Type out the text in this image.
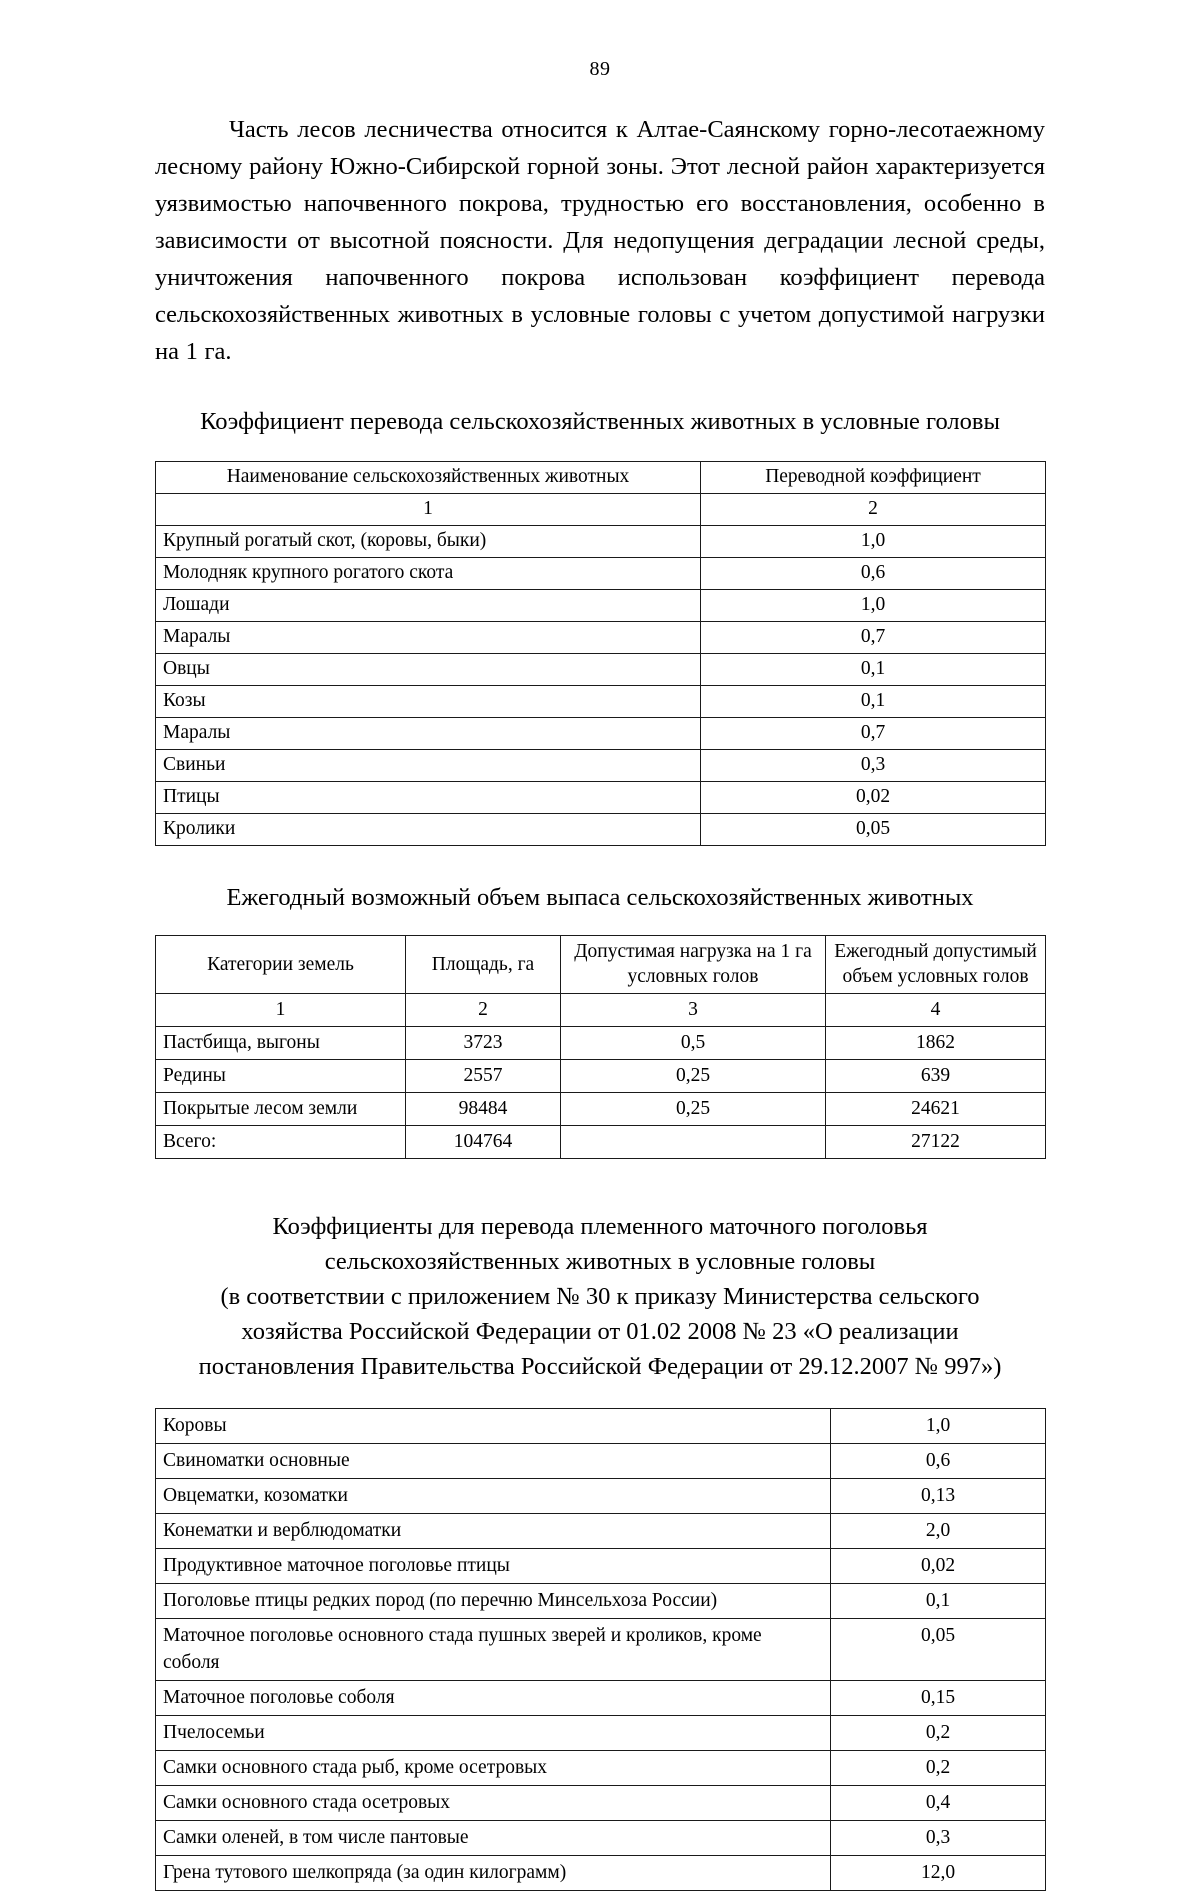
89

Часть лесов лесничества относится к Алтае-Саянскому горно-лесотаежному лесному району Южно-Сибирской горной зоны. Этот лесной район характеризуется уязвимостью напочвенного покрова, трудностью его восстановления, особенно в зависимости от высотной поясности. Для недопущения деградации лесной среды, уничтожения напочвенного покрова использован коэффициент перевода сельскохозяйственных животных в условные головы с учетом допустимой нагрузки на 1 га.

Коэффициент перевода сельскохозяйственных животных в условные головы
Наименование сельскохозяйственных животных	Переводной коэффициент
1	2
Крупный рогатый скот, (коровы, быки)	1,0
Молодняк крупного рогатого скота	0,6
Лошади	1,0
Маралы	0,7
Овцы	0,1
Козы	0,1
Маралы	0,7
Свиньи	0,3
Птицы	0,02
Кролики	0,05
Ежегодный возможный объем выпаса сельскохозяйственных животных
Категории земель	Площадь, га	Допустимая нагрузка на 1 га условных голов	Ежегодный допустимый объем условных голов
1	2	3	4
Пастбища, выгоны	3723	0,5	1862
Редины	2557	0,25	639
Покрытые лесом земли	98484	0,25	24621
Всего:	104764		27122
Коэффициенты для перевода племенного маточного поголовья
сельскохозяйственных животных в условные головы
(в соответствии с приложением № 30 к приказу Министерства сельского
хозяйства Российской Федерации от 01.02 2008 № 23 «О реализации
постановления Правительства Российской Федерации от 29.12.2007 № 997»)
Коровы	1,0
Свиноматки основные	0,6
Овцематки, козоматки	0,13
Конематки и верблюдоматки	2,0
Продуктивное маточное поголовье птицы	0,02
Поголовье птицы редких пород (по перечню Минсельхоза России)	0,1
Маточное поголовье основного стада пушных зверей и кроликов, кроме соболя	0,05
Маточное поголовье соболя	0,15
Пчелосемьи	0,2
Самки основного стада рыб, кроме осетровых	0,2
Самки основного стада осетровых	0,4
Самки оленей, в том числе пантовые	0,3
Грена тутового шелкопряда (за один килограмм)	12,0
